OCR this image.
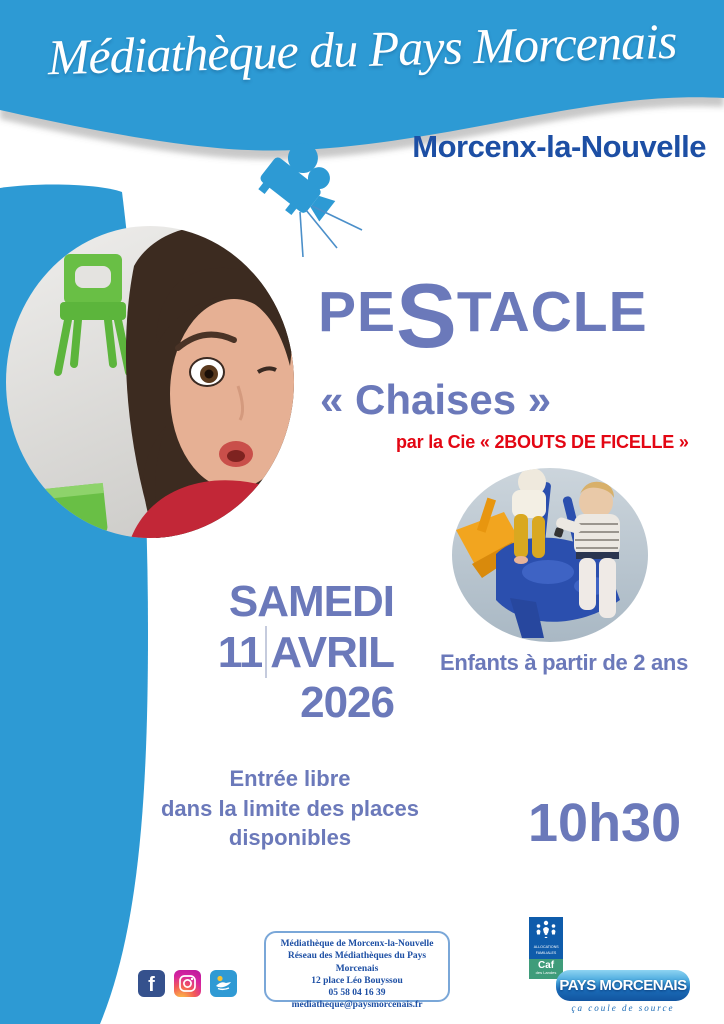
Médiathèque du Pays Morcenais
Morcenx-la-Nouvelle
PESTACLE
« Chaises »
par la Cie « 2BOUTS DE FICELLE »
Enfants à partir de 2 ans
SAMEDI
11 AVRIL
2026
Entrée libre
dans la limite des places disponibles	10h30
Médiathèque de Morcenx-la-Nouvelle
Réseau des Médiathèques du Pays Morcenais
12 place Léo Bouyssou
05 58 04 16 39
mediatheque@paysmorcenais.fr
f
ALLOCATIONS
FAMILIALES
Caf
des Landes
PAYS MORCENAIS
ça coule de source
